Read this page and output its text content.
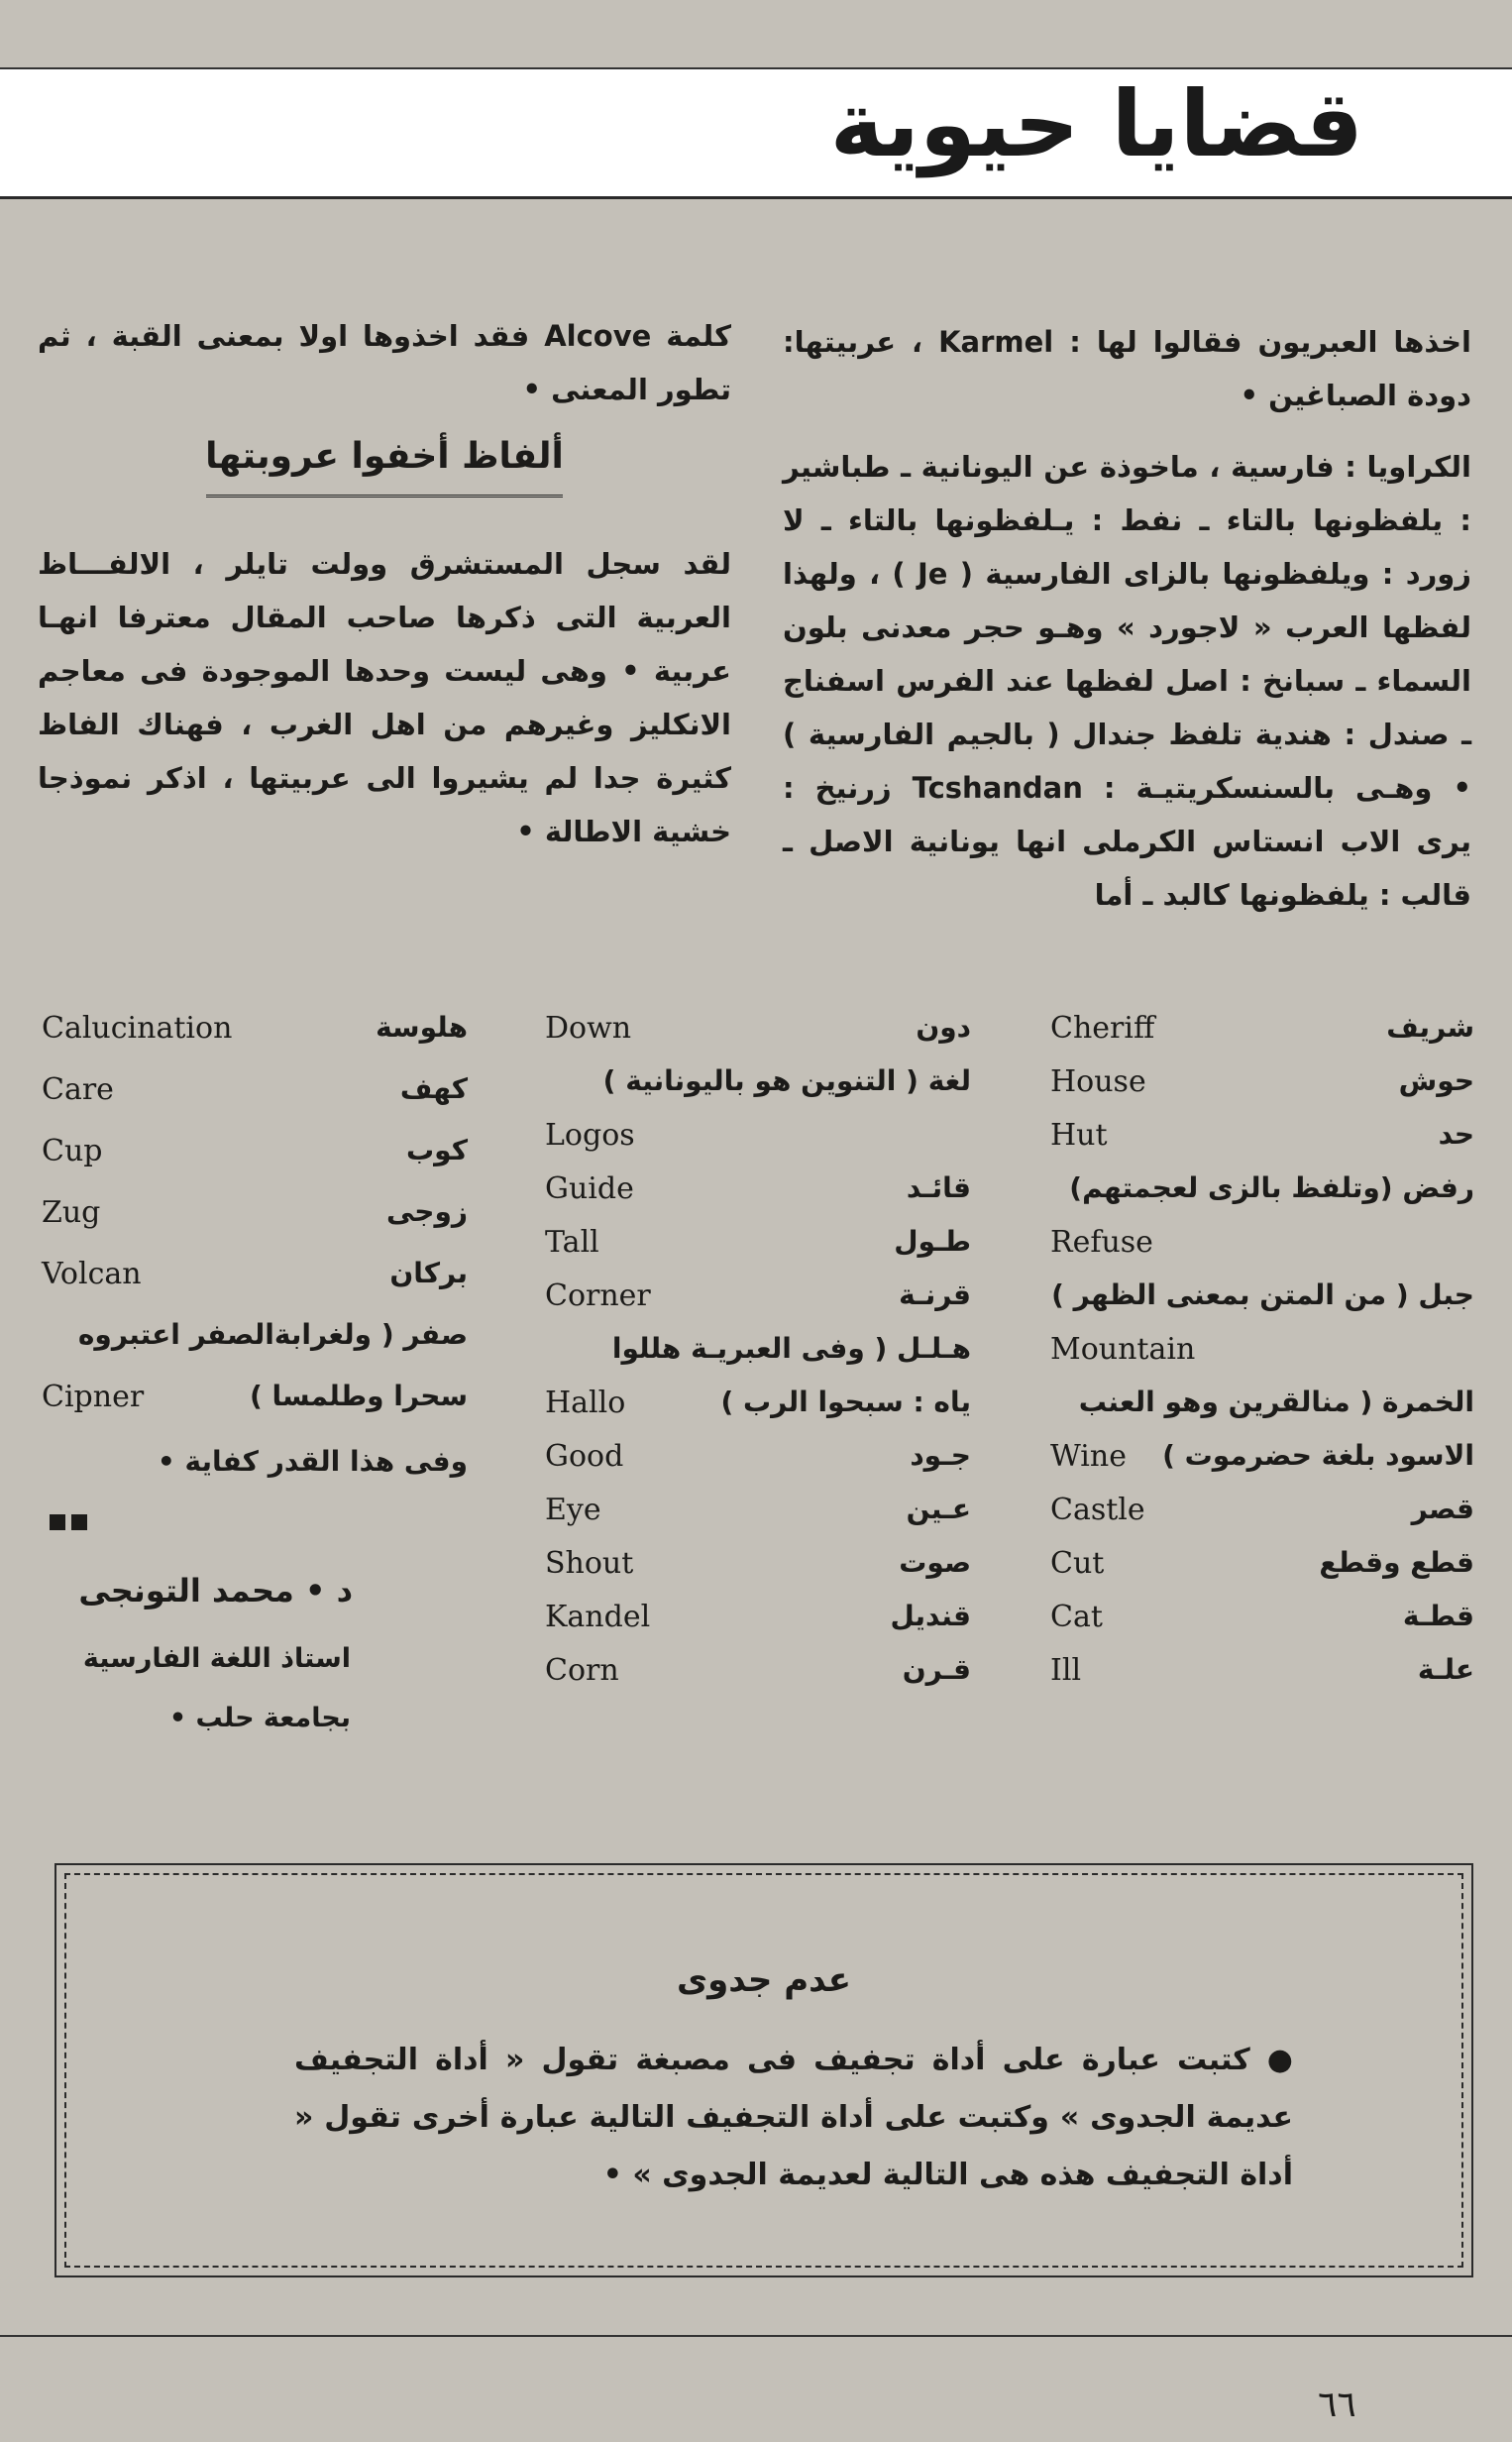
قضايا حيوية

اخذها العبريون فقالوا لها : Karmel ، عربيتها: دودة الصباغين •

الكراويا : فارسية ، ماخوذة عن اليونانية ـ طباشير : يلفظونها بالتاء ـ نفط : يـلفظونها بالتاء ـ لا زورد : ويلفظونها بالزاى الفارسية ( Je ) ، ولهذا لفظها العرب « لاجورد » وهـو حجر معدنى بلون السماء ـ سبانخ : اصل لفظها عند الفرس اسفناج ـ صندل : هندية تلفظ جندال ( بالجيم الفارسية ) • وهـى بالسنسكريتيـة : Tcshandan زرنيخ : يرى الاب انستاس الكرملى انها يونانية الاصل ـ قالب : يلفظونها كالبد ـ أما

كلمة Alcove فقد اخذوها اولا بمعنى القبة ، ثم تطور المعنى •

ألفاظ أخفوا عروبتها

لقد سجل المستشرق وولت تايلر ، الالفـــاظ العربية التى ذكرها صاحب المقال معترفا انهـا عربية • وهى ليست وحدها الموجودة فى معاجم الانكليز وغيرهم من اهل الغرب ، فهناك الفاظ كثيرة جدا لم يشيروا الى عربيتها ، اذكر نموذجا خشية الاطالة •

شريف
Cheriff
حوش
House
حد
Hut
رفض (وتلفظ بالزى لعجمتهم)
Refuse
جبل ( من المتن بمعنى الظهر )
Mountain
الخمرة ( منالقرين وهو العنب
الاسود بلغة حضرموت )
Wine
قصر
Castle
قطع وقطع
Cut
قطـة
Cat
علـة
Ill
دون
Down
لغة ( التنوين هو باليونانية )
Logos
قائـد
Guide
طـول
Tall
قرنـة
Corner
هـلـل ( وفى العبريـة هللوا
ياه : سبحوا الرب )
Hallo
جـود
Good
عـين
Eye
صوت
Shout
قنديل
Kandel
قـرن
Corn
هلوسة
Calucination
كهف
Care
كوب
Cup
زوجى
Zug
بركان
Volcan
صفر ( ولغرابةالصفر اعتبروه
سحرا وطلمسا )
Cipner
وفى هذا القدر كفاية •
د • محمد التونجى
استاذ اللغة الفارسية
بجامعة حلب •
عدم جدوى
● كتبت عبارة على أداة تجفيف فى مصبغة تقول « أداة التجفيف عديمة الجدوى » وكتبت على أداة التجفيف التالية عبارة أخرى تقول « أداة التجفيف هذه هى التالية لعديمة الجدوى » •
٦٦
